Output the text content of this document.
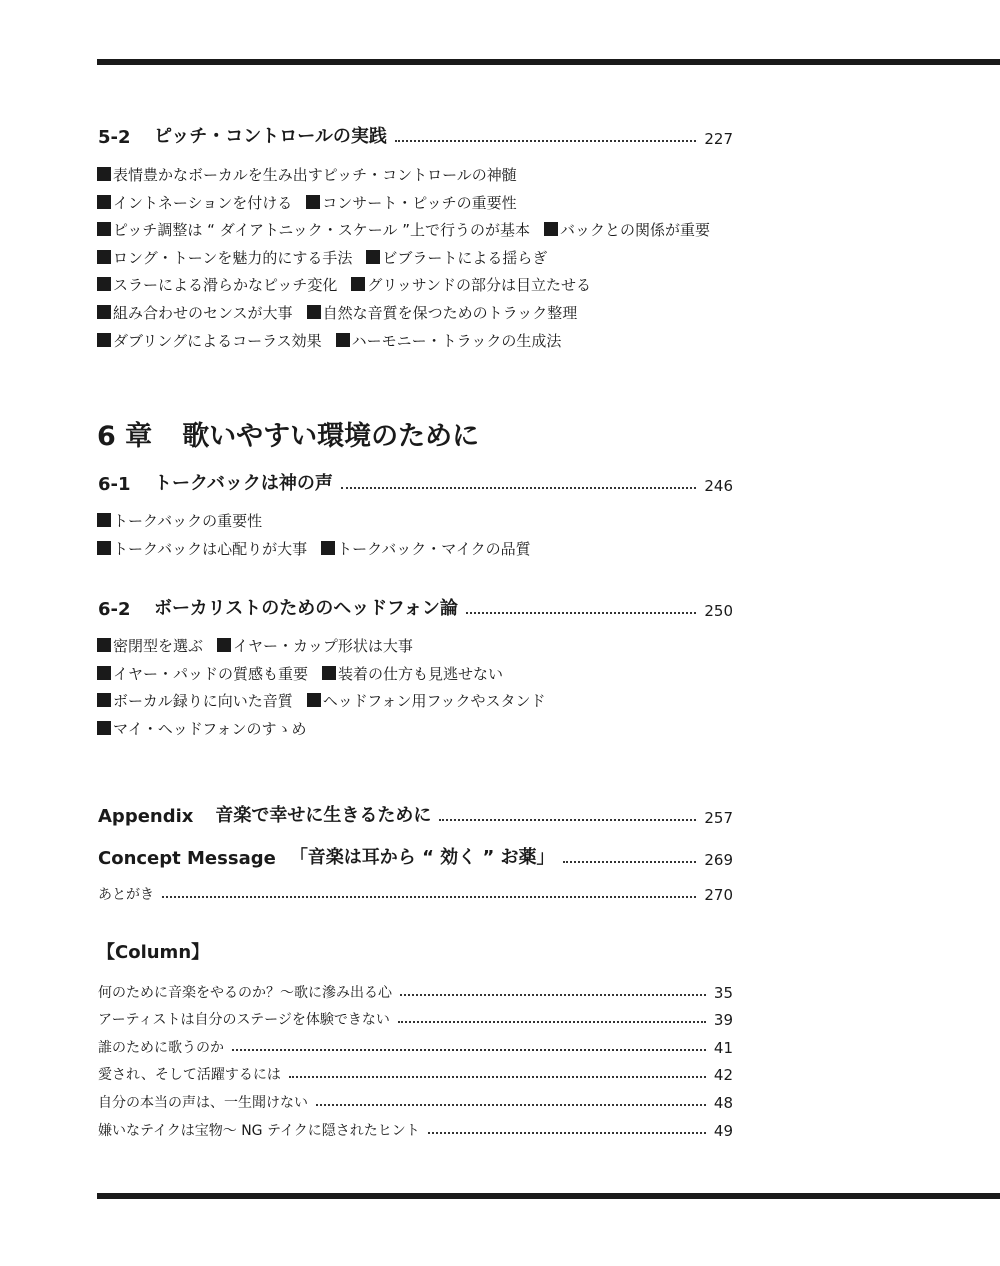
5-2	ピッチ・コントロールの実践	227
表情豊かなボーカルを生み出すピッチ・コントロールの神髄
イントネーションを付ける コンサート・ピッチの重要性
ピッチ調整は “ ダイアトニック・スケール ”上で行うのが基本 バックとの関係が重要
ロング・トーンを魅力的にする手法 ビブラートによる揺らぎ
スラーによる滑らかなピッチ変化 グリッサンドの部分は目立たせる
組み合わせのセンスが大事 自然な音質を保つためのトラック整理
ダブリングによるコーラス効果 ハーモニー・トラックの生成法
6 章 歌いやすい環境のために
6-1	トークバックは神の声	246
トークバックの重要性
トークバックは心配りが大事 トークバック・マイクの品質
6-2	ボーカリストのためのヘッドフォン論	250
密閉型を選ぶ イヤー・カップ形状は大事
イヤー・パッドの質感も重要 装着の仕方も見逃せない
ボーカル録りに向いた音質 ヘッドフォン用フックやスタンド
マイ・ヘッドフォンのすゝめ
Appendix 音楽で幸せに生きるために	257
Concept Message 「音楽は耳から “ 効く ” お薬」	269
あとがき	270
【Column】
何のために音楽をやるのか？〜歌に滲み出る心	35
アーティストは自分のステージを体験できない	39
誰のために歌うのか	41
愛され、そして活躍するには	42
自分の本当の声は、一生聞けない	48
嫌いなテイクは宝物〜 NG テイクに隠されたヒント	49
